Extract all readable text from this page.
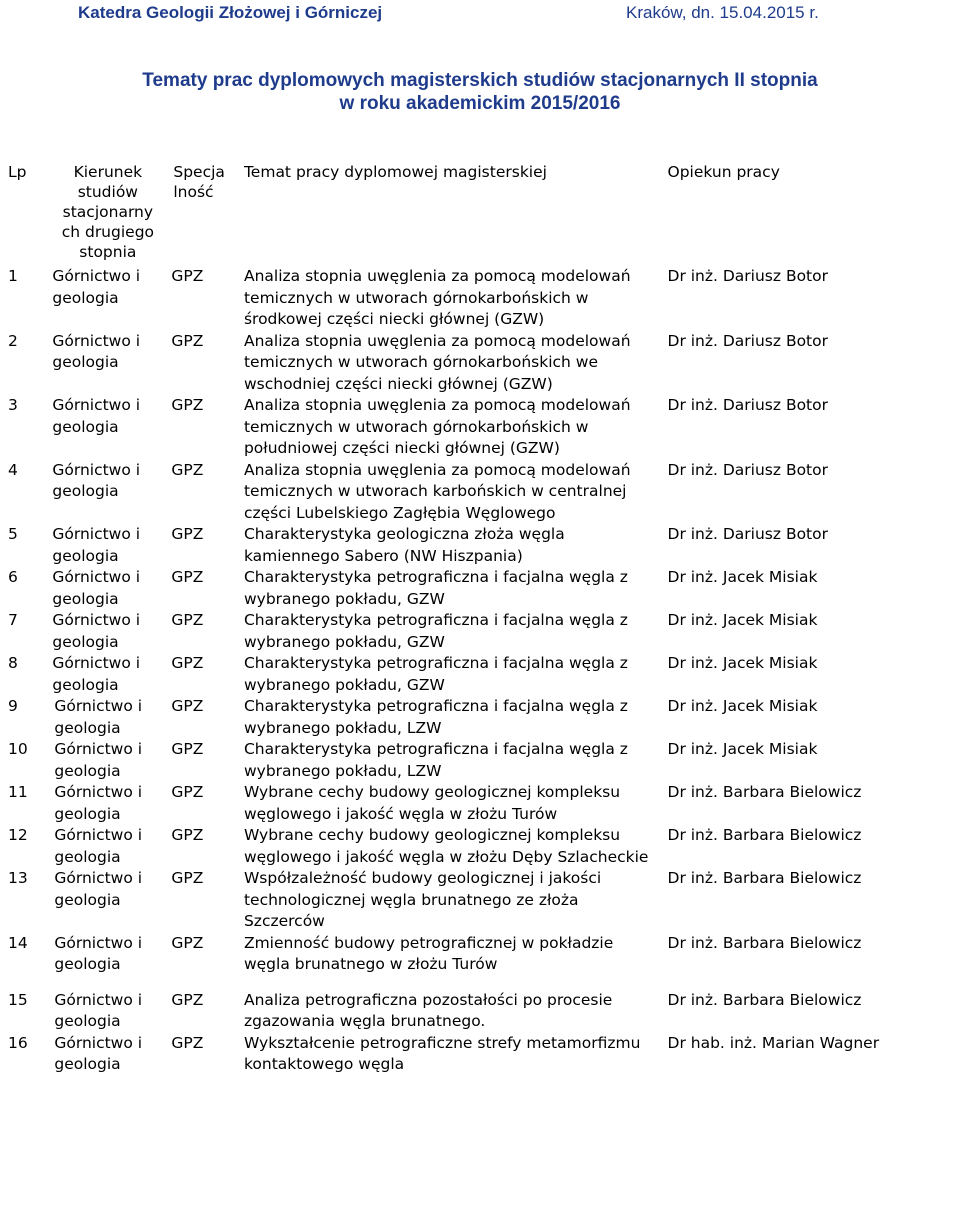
Katedra Geologii Złożowej i Górniczej	Kraków, dn. 15.04.2015 r.
Tematy prac dyplomowych magisterskich studiów stacjonarnych II stopnia
w roku akademickim 2015/2016
Lp	Kierunek studiów stacjonarny ch drugiego stopnia	Specja lność	Temat pracy dyplomowej magisterskiej	Opiekun pracy
1	Górnictwo i geologia	GPZ	Analiza stopnia uwęglenia za pomocą modelowań temicznych w utworach górnokarbońskich w środkowej części niecki głównej (GZW)	Dr inż. Dariusz Botor
2	Górnictwo i geologia	GPZ	Analiza stopnia uwęglenia za pomocą modelowań temicznych w utworach górnokarbońskich we wschodniej części niecki głównej (GZW)	Dr inż. Dariusz Botor
3	Górnictwo i geologia	GPZ	Analiza stopnia uwęglenia za pomocą modelowań temicznych w utworach górnokarbońskich w południowej części niecki głównej (GZW)	Dr inż. Dariusz Botor
4	Górnictwo i geologia	GPZ	Analiza stopnia uwęglenia za pomocą modelowań temicznych w utworach karbońskich w centralnej części Lubelskiego Zagłębia Węglowego	Dr inż. Dariusz Botor
5	Górnictwo i geologia	GPZ	Charakterystyka geologiczna złoża węgla kamiennego Sabero (NW Hiszpania)	Dr inż. Dariusz Botor
6	Górnictwo i geologia	GPZ	Charakterystyka petrograficzna i facjalna węgla z wybranego pokładu, GZW	Dr inż. Jacek Misiak
7	Górnictwo i geologia	GPZ	Charakterystyka petrograficzna i facjalna węgla z wybranego pokładu, GZW	Dr inż. Jacek Misiak
8	Górnictwo i geologia	GPZ	Charakterystyka petrograficzna i facjalna węgla z wybranego pokładu, GZW	Dr inż. Jacek Misiak
9	Górnictwo i geologia	GPZ	Charakterystyka petrograficzna i facjalna węgla z wybranego pokładu, LZW	Dr inż. Jacek Misiak
10	Górnictwo i geologia	GPZ	Charakterystyka petrograficzna i facjalna węgla z wybranego pokładu, LZW	Dr inż. Jacek Misiak
11	Górnictwo i geologia	GPZ	Wybrane cechy budowy geologicznej kompleksu węglowego i jakość węgla w złożu Turów	Dr inż. Barbara Bielowicz
12	Górnictwo i geologia	GPZ	Wybrane cechy budowy geologicznej kompleksu węglowego i jakość węgla w złożu Dęby Szlacheckie	Dr inż. Barbara Bielowicz
13	Górnictwo i geologia	GPZ	Współzależność budowy geologicznej i jakości technologicznej węgla brunatnego ze złoża Szczerców	Dr inż. Barbara Bielowicz
14	Górnictwo i geologia	GPZ	Zmienność budowy petrograficznej w pokładzie węgla brunatnego w złożu Turów	Dr inż. Barbara Bielowicz
15	Górnictwo i geologia	GPZ	Analiza petrograficzna pozostałości po procesie zgazowania węgla brunatnego.	Dr inż. Barbara Bielowicz
16	Górnictwo i geologia	GPZ	Wykształcenie petrograficzne strefy metamorfizmu kontaktowego węgla	Dr hab. inż. Marian Wagner
